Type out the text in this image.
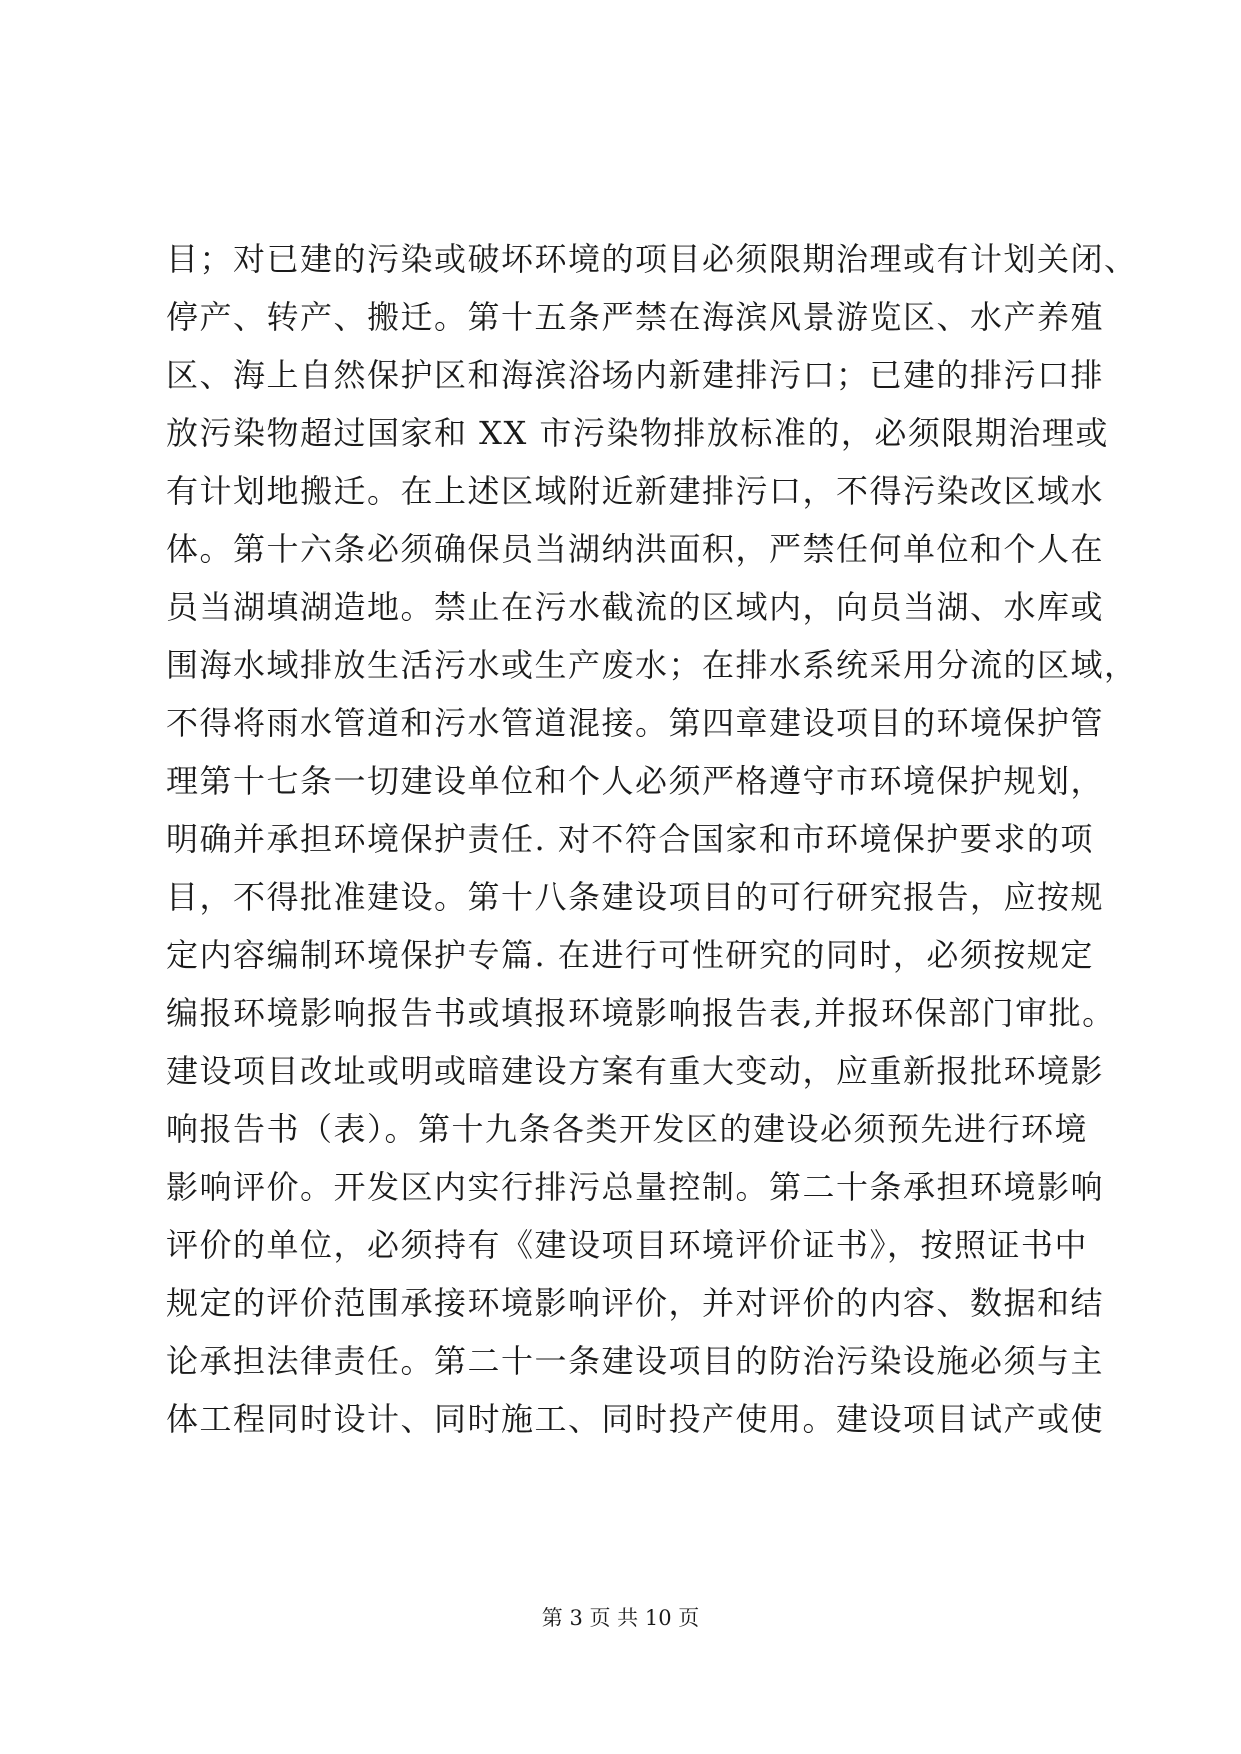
目；对已建的污染或破坏环境的项目必须限期治理或有计划关闭、
停产、转产、搬迁。第十五条严禁在海滨风景游览区、水产养殖
区、海上自然保护区和海滨浴场内新建排污口；已建的排污口排
放污染物超过国家和 XX 市污染物排放标准的，必须限期治理或
有计划地搬迁。在上述区域附近新建排污口，不得污染改区域水
体。第十六条必须确保员当湖纳洪面积，严禁任何单位和个人在
员当湖填湖造地。禁止在污水截流的区域内，向员当湖、水库或
围海水域排放生活污水或生产废水；在排水系统采用分流的区域，
不得将雨水管道和污水管道混接。第四章建设项目的环境保护管
理第十七条一切建设单位和个人必须严格遵守市环境保护规划，
明确并承担环境保护责任. 对不符合国家和市环境保护要求的项
目，不得批准建设。第十八条建设项目的可行研究报告，应按规
定内容编制环境保护专篇. 在进行可性研究的同时，必须按规定
编报环境影响报告书或填报环境影响报告表,并报环保部门审批。
建设项目改址或明或暗建设方案有重大变动，应重新报批环境影
响报告书（表）。第十九条各类开发区的建设必须预先进行环境
影响评价。开发区内实行排污总量控制。第二十条承担环境影响
评价的单位，必须持有《建设项目环境评价证书》，按照证书中
规定的评价范围承接环境影响评价，并对评价的内容、数据和结
论承担法律责任。第二十一条建设项目的防治污染设施必须与主
体工程同时设计、同时施工、同时投产使用。建设项目试产或使
第 3 页 共 10 页
